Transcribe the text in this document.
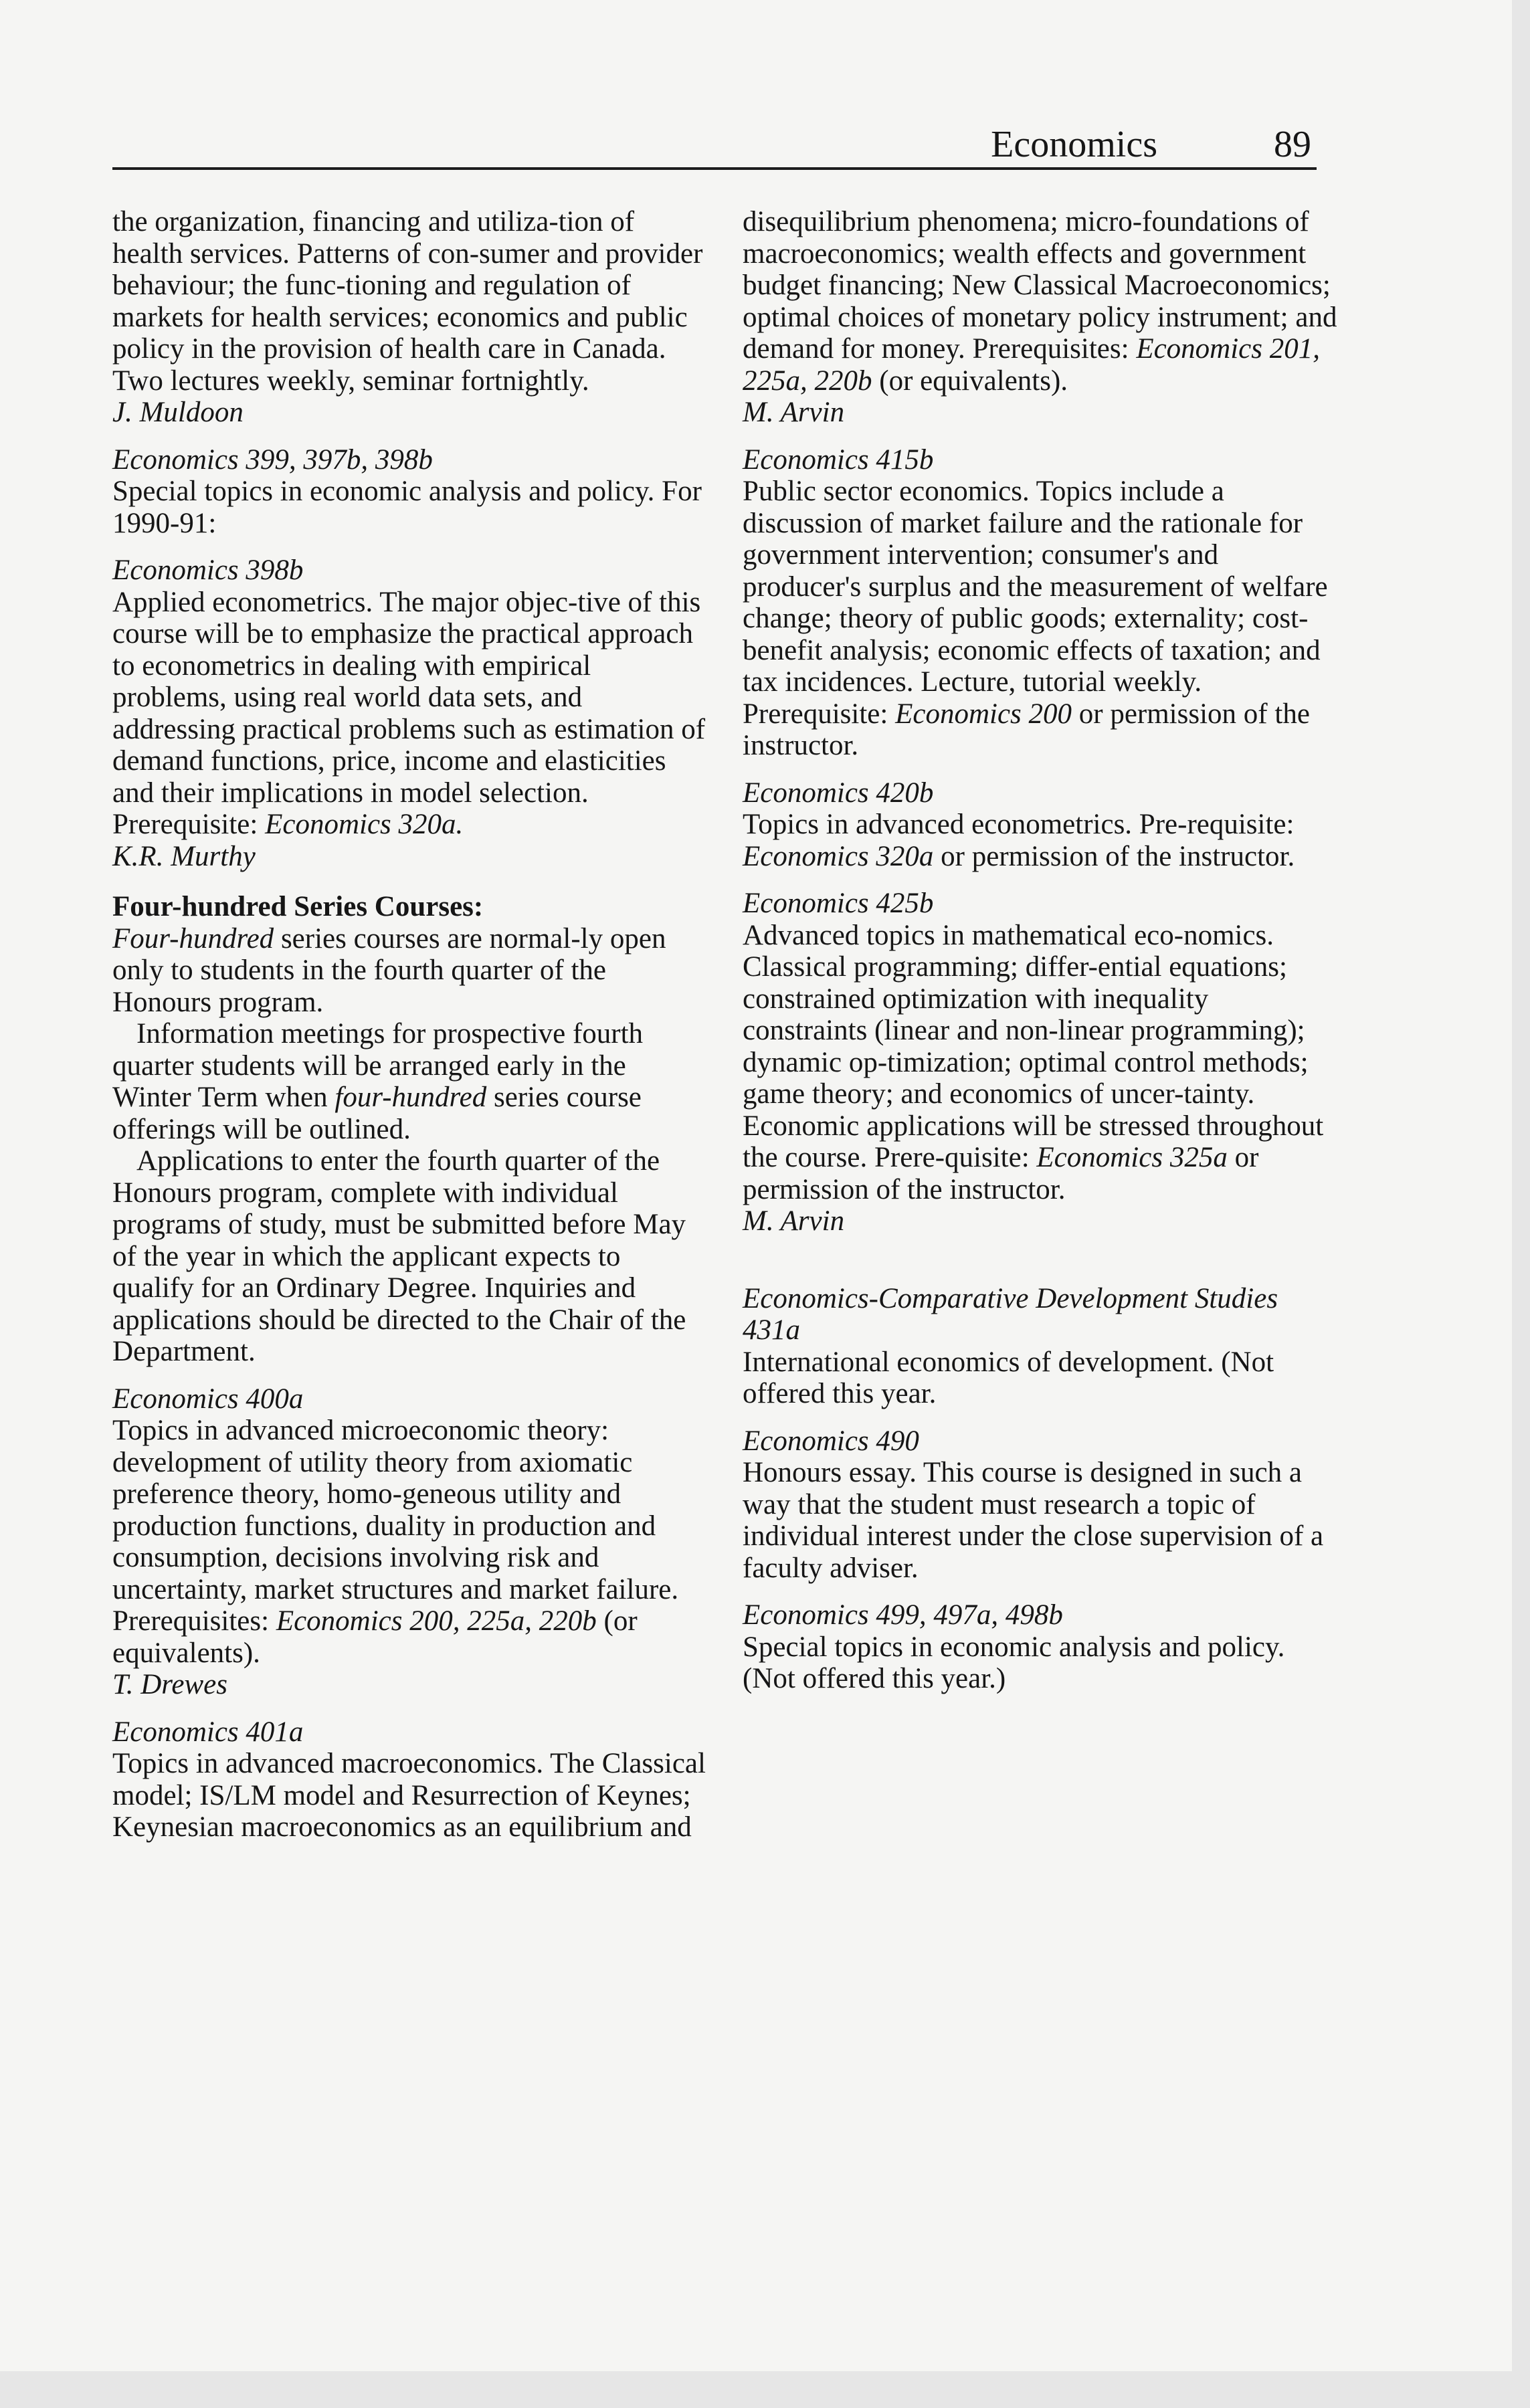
Economics	89
the organization, financing and utiliza-tion of health services. Patterns of con-sumer and provider behaviour; the func-tioning and regulation of markets for health services; economics and public policy in the provision of health care in Canada. Two lectures weekly, seminar fortnightly.
J. Muldoon
Economics 399, 397b, 398b
Special topics in economic analysis and policy. For 1990-91:
Economics 398b
Applied econometrics. The major objec-tive of this course will be to emphasize the practical approach to econometrics in dealing with empirical problems, using real world data sets, and addressing practical problems such as estimation of demand functions, price, income and elasticities and their implications in model selection. Prerequisite: Economics 320a.
K.R. Murthy
Four-hundred Series Courses:

Four-hundred series courses are normal-ly open only to students in the fourth quarter of the Honours program.

Information meetings for prospective fourth quarter students will be arranged early in the Winter Term when four-hundred series course offerings will be outlined.

Applications to enter the fourth quarter of the Honours program, complete with individual programs of study, must be submitted before May of the year in which the applicant expects to qualify for an Ordinary Degree. Inquiries and applications should be directed to the Chair of the Department.

Economics 400a
Topics in advanced microeconomic theory: development of utility theory from axiomatic preference theory, homo-geneous utility and production functions, duality in production and consumption, decisions involving risk and uncertainty, market structures and market failure. Prerequisites: Economics 200, 225a, 220b (or equivalents).
T. Drewes
Economics 401a
Topics in advanced macroeconomics. The Classical model; IS/LM model and Resurrection of Keynes; Keynesian macroeconomics as an equilibrium and
disequilibrium phenomena; micro-foundations of macroeconomics; wealth effects and government budget financing; New Classical Macroeconomics; optimal choices of monetary policy instrument; and demand for money. Prerequisites: Economics 201, 225a, 220b (or equivalents).
M. Arvin
Economics 415b
Public sector economics. Topics include a discussion of market failure and the rationale for government intervention; consumer's and producer's surplus and the measurement of welfare change; theory of public goods; externality; cost-benefit analysis; economic effects of taxation; and tax incidences. Lecture, tutorial weekly. Prerequisite: Economics 200 or permission of the instructor.
Economics 420b
Topics in advanced econometrics. Pre-requisite: Economics 320a or permission of the instructor.
Economics 425b
Advanced topics in mathematical eco-nomics. Classical programming; differ-ential equations; constrained optimization with inequality constraints (linear and non-linear programming); dynamic op-timization; optimal control methods; game theory; and economics of uncer-tainty. Economic applications will be stressed throughout the course. Prere-quisite: Economics 325a or permission of the instructor.
M. Arvin
Economics-Comparative Development Studies 431a
International economics of development. (Not offered this year.
Economics 490
Honours essay. This course is designed in such a way that the student must research a topic of individual interest under the close supervision of a faculty adviser.
Economics 499, 497a, 498b
Special topics in economic analysis and policy. (Not offered this year.)
